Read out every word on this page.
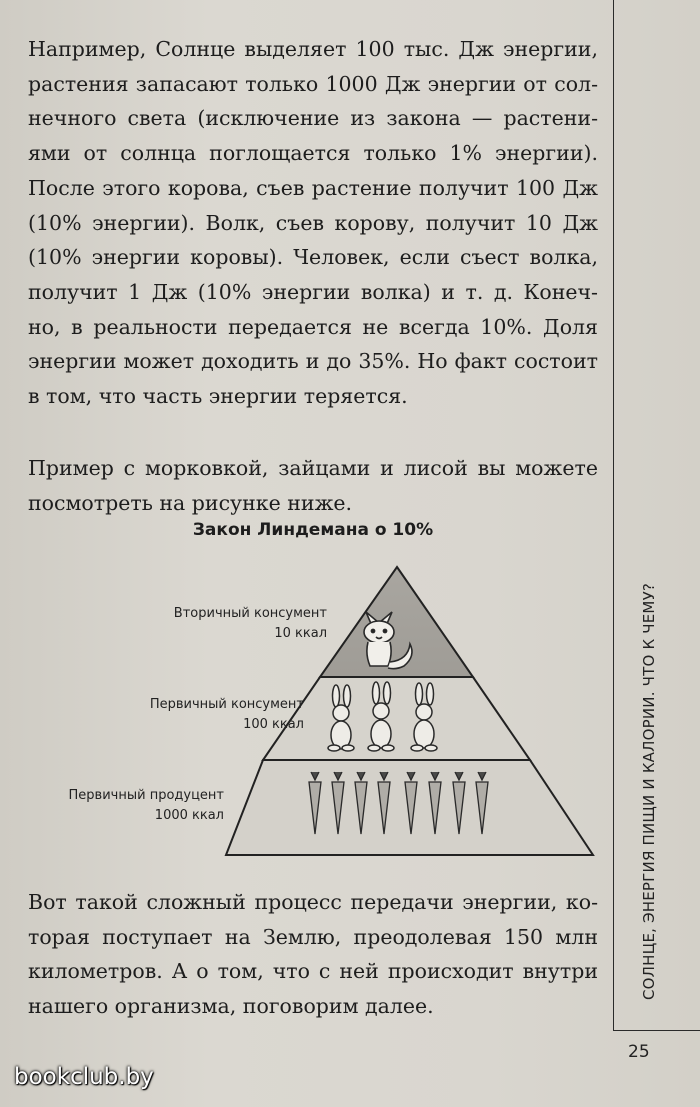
Например, Солнце выделяет 100 тыс. Дж энергии,
растения запасают только 1000 Дж энергии от сол-
нечного света (исключение из закона — растени-
ями от солнца поглощается только 1% энергии).
После этого корова, съев растение получит 100 Дж
(10% энергии). Волк, съев корову, получит 10 Дж
(10% энергии коровы). Человек, если съест волка,
получит 1 Дж (10% энергии волка) и т. д. Конеч-
но, в реальности передается не всегда 10%. Доля
энергии может доходить и до 35%. Но факт состоит
в том, что часть энергии теряется.

Пример с морковкой, зайцами и лисой вы можете
посмотреть на рисунке ниже.

Закон Линдемана о 10%
Вторичный консумент
10 ккал
Первичный консумент
100 ккал
Первичный продуцент
1000 ккал

Вот такой сложный процесс передачи энергии, ко-
торая поступает на Землю, преодолевая 150 млн
километров. А о том, что с ней происходит внутри
нашего организма, поговорим далее.

СОЛНЦЕ, ЭНЕРГИЯ ПИЩИ И КАЛОРИИ. ЧТО К ЧЕМУ?
25
bookclub.by
